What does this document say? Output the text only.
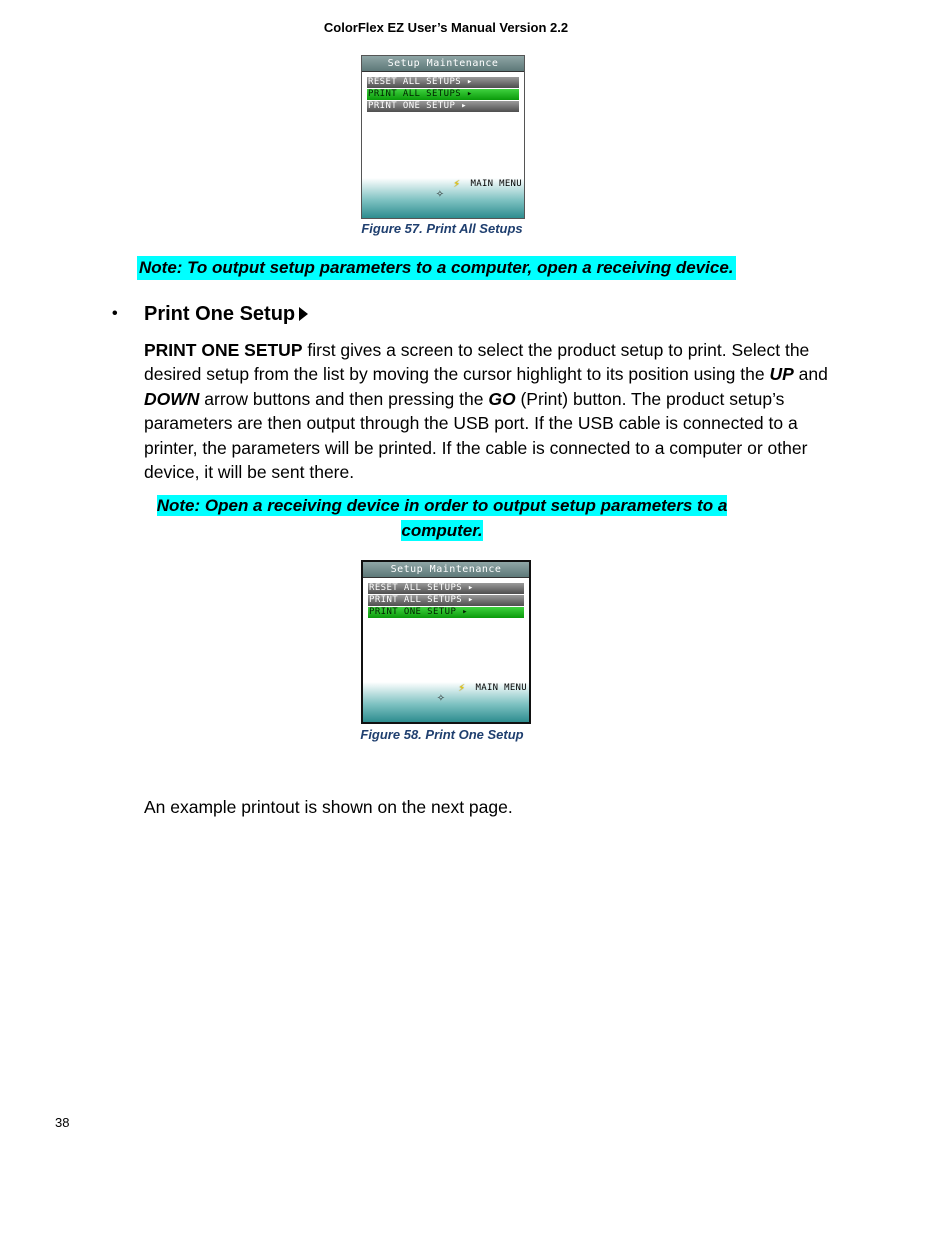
ColorFlex EZ User’s Manual Version 2.2
Setup Maintenance
RESET ALL SETUPS ▸
PRINT ALL SETUPS ▸
PRINT ONE SETUP ▸
⚡ MAIN MENU
✧
Figure 57. Print All Setups
Note: To output setup parameters to a computer, open a receiving device.
• Print One Setup
PRINT ONE SETUP first gives a screen to select the product setup to print. Select the desired setup from the list by moving the cursor highlight to its position using the UP and DOWN arrow buttons and then pressing the GO (Print) button. The product setup’s parameters are then output through the USB port. If the USB cable is connected to a printer, the parameters will be printed. If the cable is connected to a computer or other device, it will be sent there.
Note: Open a receiving device in order to output setup parameters to a
computer.
Setup Maintenance
RESET ALL SETUPS ▸
PRINT ALL SETUPS ▸
PRINT ONE SETUP ▸
⚡ MAIN MENU
✧
Figure 58. Print One Setup
An example printout is shown on the next page.
38
